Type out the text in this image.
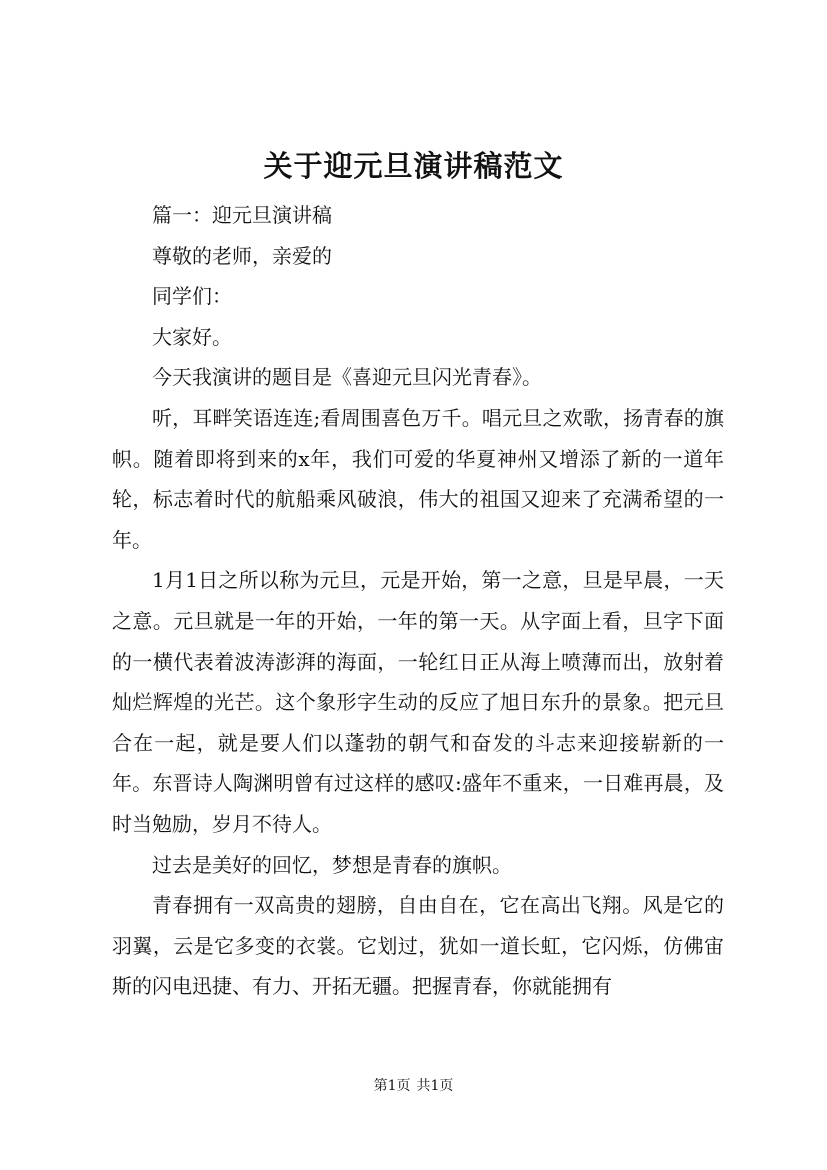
关于迎元旦演讲稿范文

篇一：迎元旦演讲稿

尊敬的老师，亲爱的

同学们：

大家好。

今天我演讲的题目是《喜迎元旦闪光青春》。

听，耳畔笑语连连;看周围喜色万千。唱元旦之欢歌，扬青春的旗帜。随着即将到来的x年，我们可爱的华夏神州又增添了新的一道年轮，标志着时代的航船乘风破浪，伟大的祖国又迎来了充满希望的一年。

1月1日之所以称为元旦，元是开始，第一之意，旦是早晨，一天之意。元旦就是一年的开始，一年的第一天。从字面上看，旦字下面的一横代表着波涛澎湃的海面，一轮红日正从海上喷薄而出，放射着灿烂辉煌的光芒。这个象形字生动的反应了旭日东升的景象。把元旦合在一起，就是要人们以蓬勃的朝气和奋发的斗志来迎接崭新的一年。东晋诗人陶渊明曾有过这样的感叹:盛年不重来，一日难再晨，及时当勉励，岁月不待人。

过去是美好的回忆，梦想是青春的旗帜。

青春拥有一双高贵的翅膀，自由自在，它在高出飞翔。风是它的羽翼，云是它多变的衣裳。它划过，犹如一道长虹，它闪烁，仿佛宙斯的闪电迅捷、有力、开拓无疆。把握青春，你就能拥有

第1页 共1页
